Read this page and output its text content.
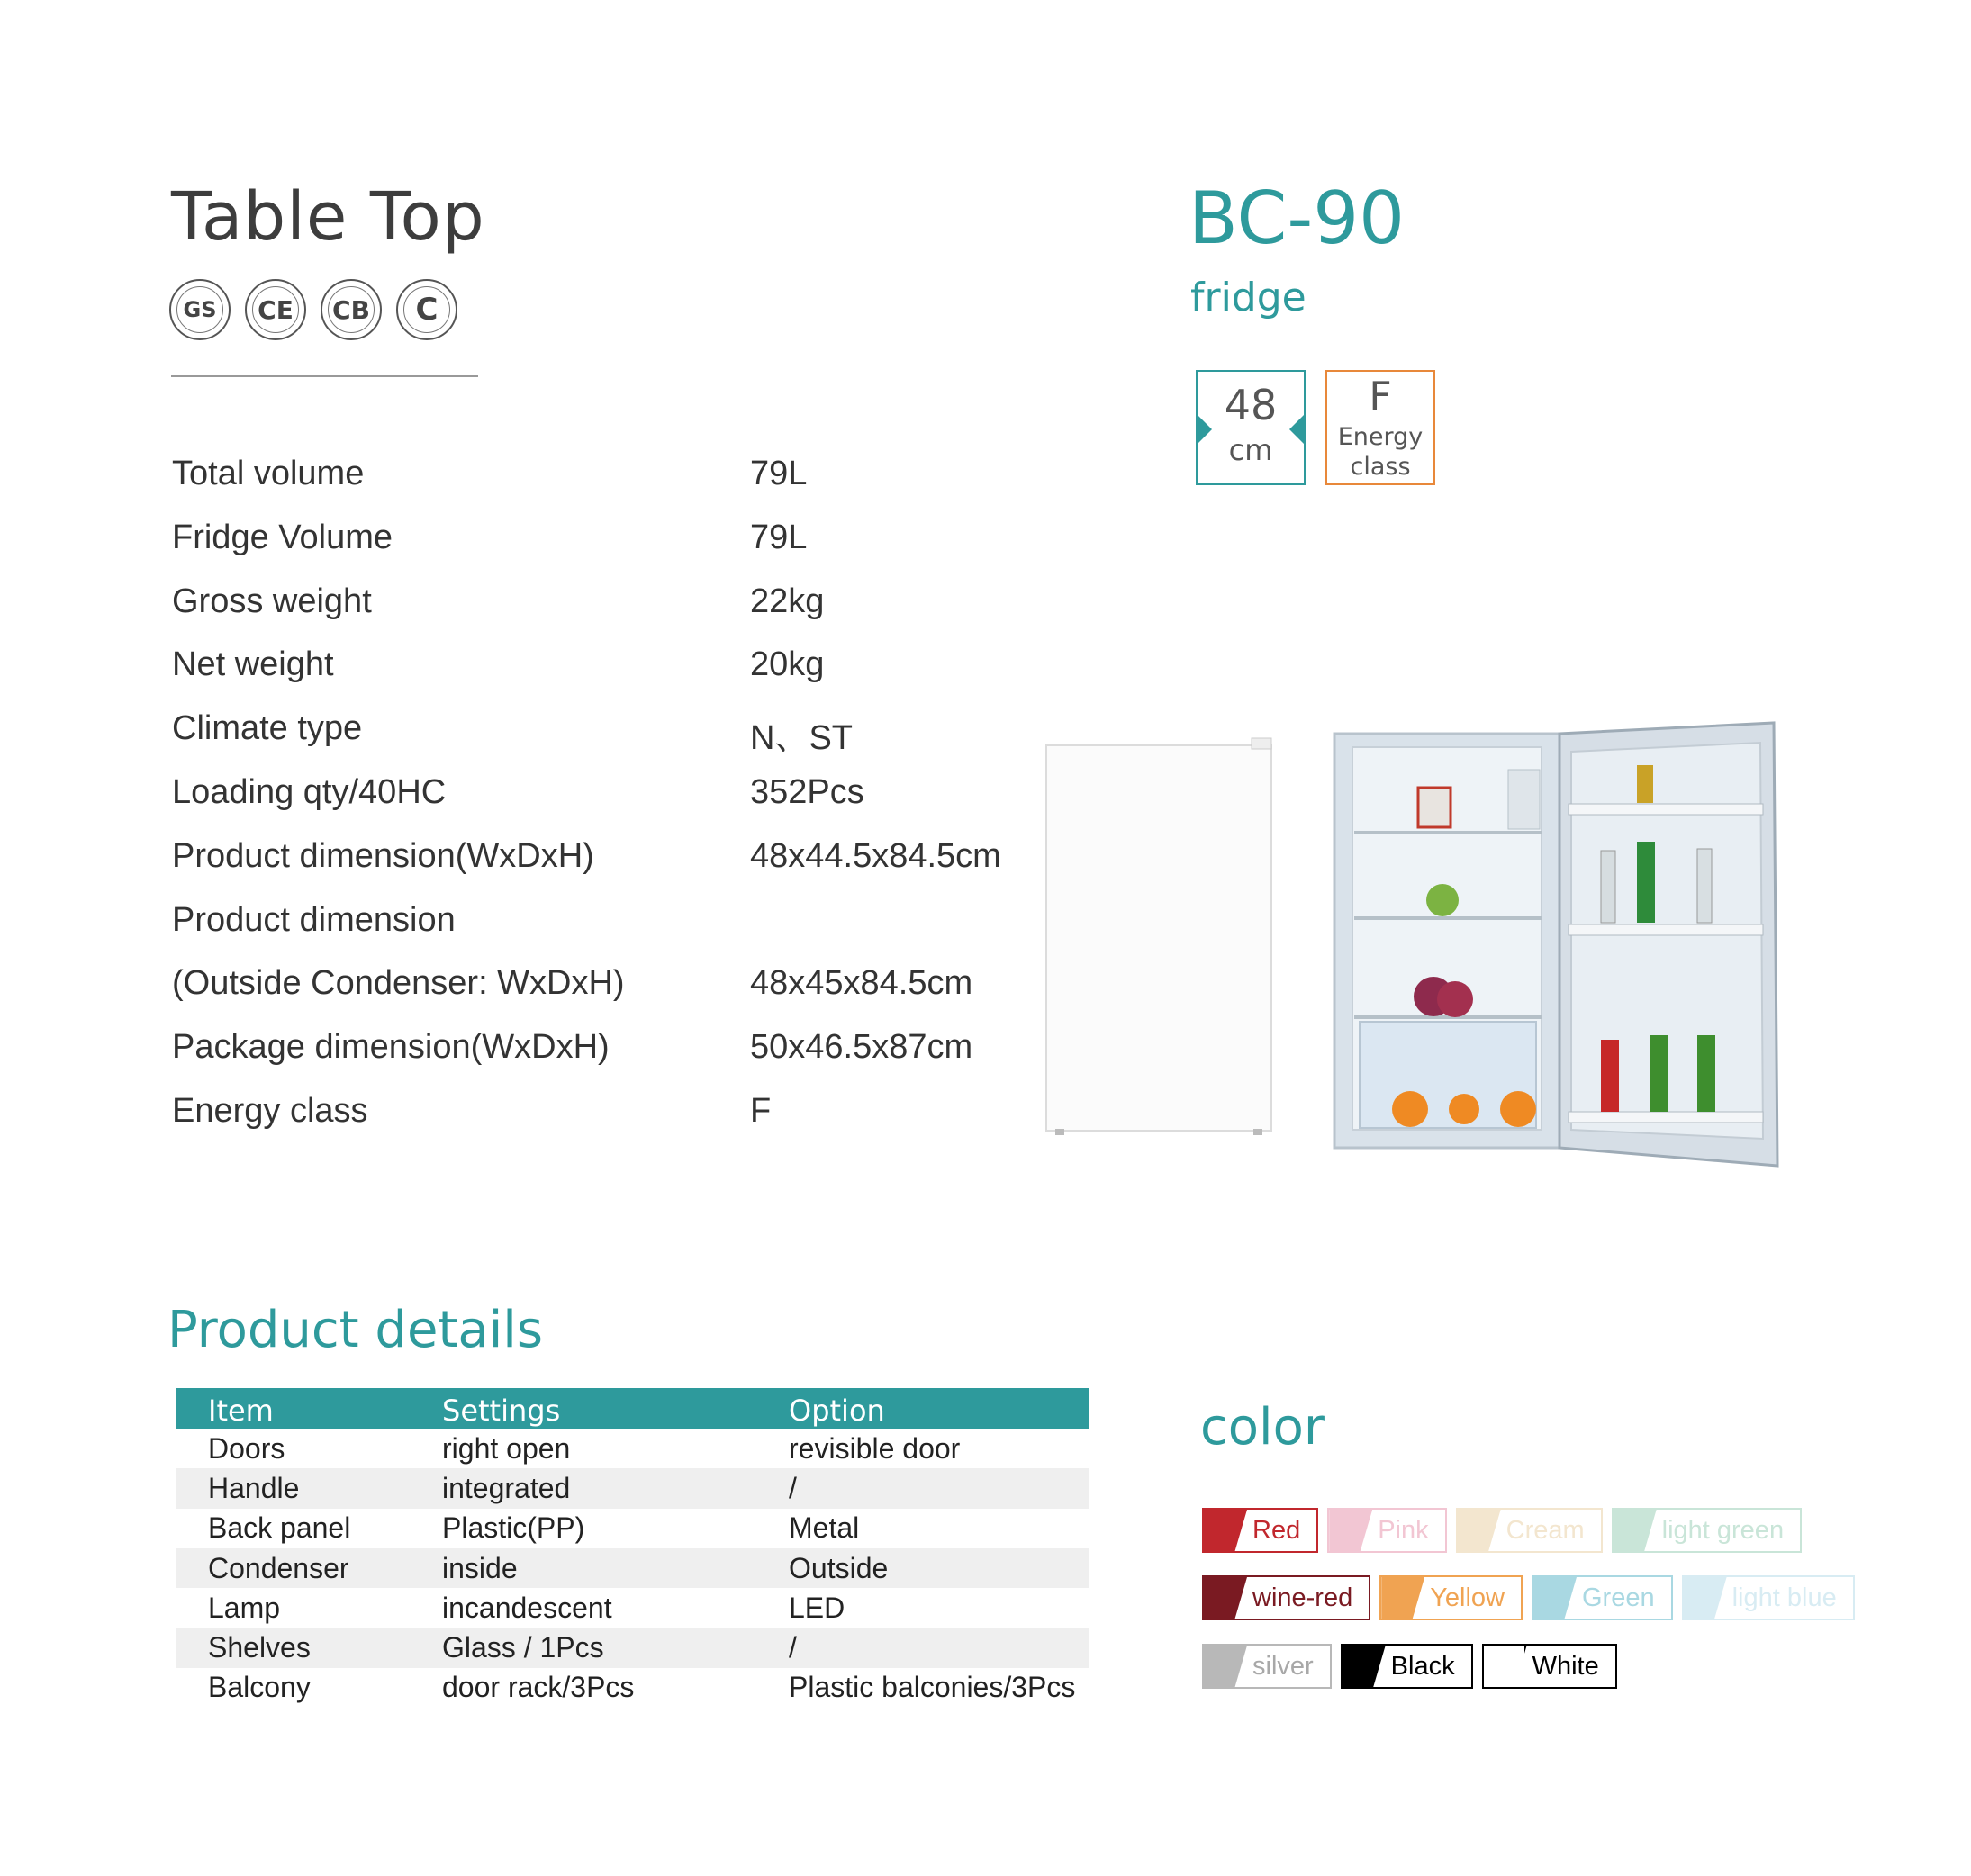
Table Top
GS CE CB	C
BC-90
fridge
48
cm
F
Energy
class
Total volume	79L
Fridge Volume	79L
Gross weight	22kg
Net weight	20kg
Climate type	N、ST
Loading qty/40HC	352Pcs
Product dimension(WxDxH)	48x44.5x84.5cm
Product dimension
(Outside Condenser: WxDxH)	48x45x84.5cm
Package dimension(WxDxH)	50x46.5x87cm
Energy class	F
Product details
Item	Settings	Option
Doors	right open	revisible door
Handle	integrated	/
Back panel	Plastic(PP)	Metal
Condenser	inside	Outside
Lamp	incandescent	LED
Shelves	Glass / 1Pcs	/
Balcony	door rack/3Pcs	Plastic balconies/3Pcs
color
Red	Pink	Cream	light green
wine-red	Yellow	Green	light blue
silver	Black	White
